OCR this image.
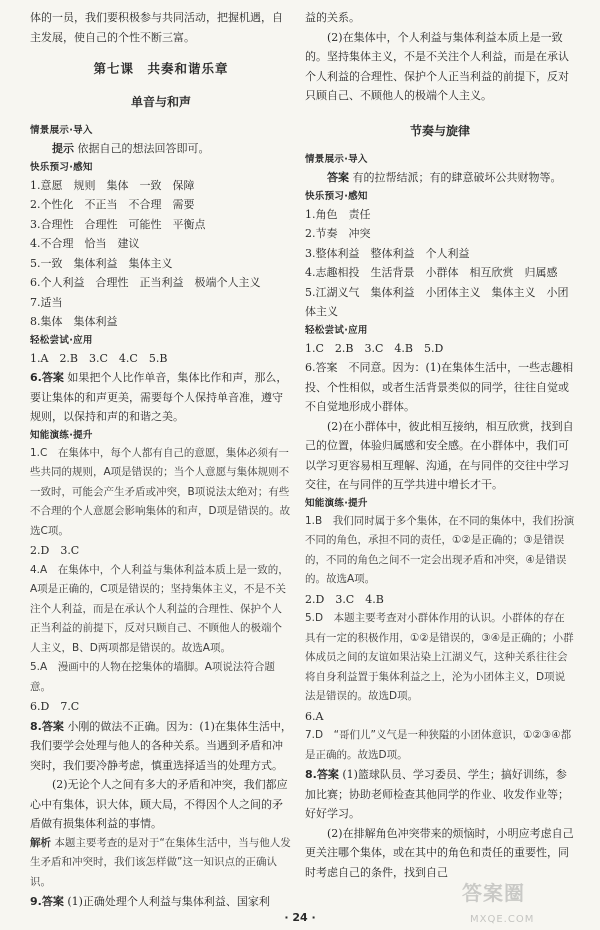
体的一员，我们要积极参与共同活动，把握机遇，自主发展，使自己的个性不断三富。

第七课　共奏和谐乐章
单音与和声
情景展示·导入

提示 依据自己的想法回答即可。

快乐预习·感知

1.意愿　规则　集体　一致　保障

2.个性化　不正当　不合理　需要

3.合理性　合理性　可能性　平衡点

4.不合理　恰当　建议

5.一致　集体利益　集体主义

6.个人利益　合理性　正当利益　极端个人主义

7.适当

8.集体　集体利益

轻松尝试·应用

1.A　2.B　3.C　4.C　5.B

6.答案 如果把个人比作单音，集体比作和声，那么，要让集体的和声更美，需要每个人保持单音准，遵守规则，以保持和声的和谐之美。

知能演练·提升

1.C　在集体中，每个人都有自己的意愿，集体必须有一些共同的规则，A项是错误的；当个人意愿与集体规则不一致时，可能会产生矛盾或冲突，B项说法太绝对；有些不合理的个人意愿会影响集体的和声，D项是错误的。故选C项。

2.D　3.C

4.A　在集体中，个人利益与集体利益本质上是一致的，A项是正确的，C项是错误的；坚持集体主义，不是不关注个人利益，而是在承认个人利益的合理性、保护个人正当利益的前提下，反对只顾自己、不顾他人的极端个人主义，B、D两项都是错误的。故选A项。

5.A　漫画中的人物在挖集体的墙脚。A项说法符合题意。

6.D　7.C

8.答案 小刚的做法不正确。因为：(1)在集体生活中，我们要学会处理与他人的各种关系。当遇到矛盾和冲突时，我们要冷静考虑，慎重选择适当的处理方式。

(2)无论个人之间有多大的矛盾和冲突，我们都应心中有集体，识大体，顾大局，不得因个人之间的矛盾做有损集体利益的事情。

解析 本题主要考查的是对于“在集体生活中，当与他人发生矛盾和冲突时，我们该怎样做”这一知识点的正确认识。

9.答案 (1)正确处理个人利益与集体利益、国家利

益的关系。

(2)在集体中，个人利益与集体利益本质上是一致的。坚持集体主义，不是不关注个人利益，而是在承认个人利益的合理性、保护个人正当利益的前提下，反对只顾自己、不顾他人的极端个人主义。

节奏与旋律
情景展示·导入

答案 有的拉帮结派；有的肆意破坏公共财物等。

快乐预习·感知

1.角色　责任

2.节奏　冲突

3.整体利益　整体利益　个人利益

4.志趣相投　生活背景　小群体　相互欣赏　归属感

5.江湖义气　集体利益　小团体主义　集体主义　小团体主义

轻松尝试·应用

1.C　2.B　3.C　4.B　5.D

6.答案　不同意。因为：(1)在集体生活中，一些志趣相投、个性相似，或者生活背景类似的同学，往往自觉或不自觉地形成小群体。

(2)在小群体中，彼此相互接纳，相互欣赏，找到自己的位置，体验归属感和安全感。在小群体中，我们可以学习更容易相互理解、沟通，在与同伴的交往中学习交往，在与同伴的互学共进中增长才干。

知能演练·提升

1.B　我们同时属于多个集体，在不同的集体中，我们扮演不同的角色，承担不同的责任，①②是正确的；③是错误的，不同的角色之间不一定会出现矛盾和冲突，④是错误的。故选A项。

2.D　3.C　4.B

5.D　本题主要考查对小群体作用的认识。小群体的存在具有一定的积极作用，①②是错误的，③④是正确的；小群体成员之间的友谊如果沾染上江湖义气，这种关系往往会将自身利益置于集体利益之上，沦为小团体主义，D项说法是错误的。故选D项。

6.A

7.D　“哥们儿”义气是一种狭隘的小团体意识，①②③④都是正确的。故选D项。

8.答案 (1)篮球队员、学习委员、学生；搞好训练，参加比赛；协助老师检查其他同学的作业、收发作业等；好好学习。

(2)在排解角色冲突带来的烦恼时，小明应考虑自己更关注哪个集体，或在其中的角色和责任的重要性，同时考虑自己的条件，找到自己

· 24 ·
答案圈
MXQE.COM
